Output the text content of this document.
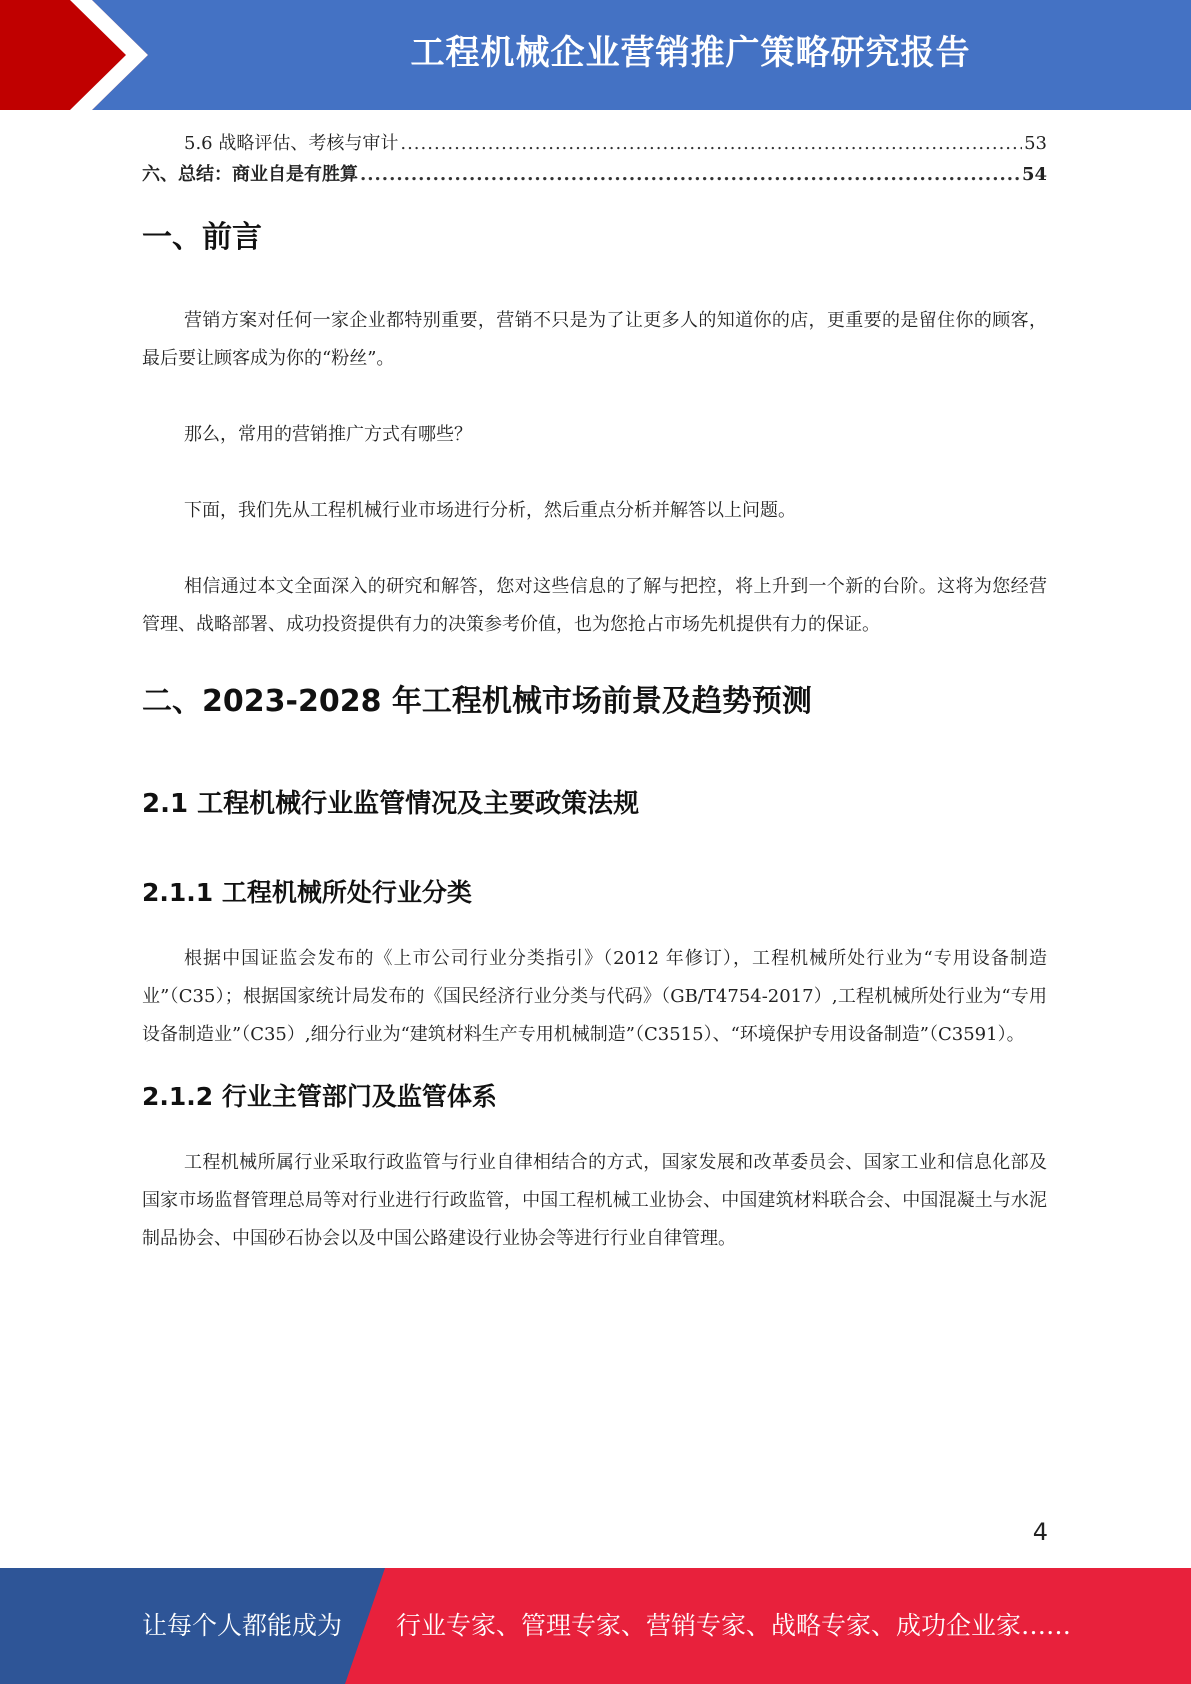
工程机械企业营销推广策略研究报告
5.6 战略评估、考核与审计 .....	53
六、总结：商业自是有胜算 .....	54
一、前言

营销方案对任何一家企业都特别重要，营销不只是为了让更多人的知道你的店，更重要的是留住你的顾客，最后要让顾客成为你的“粉丝”。

那么，常用的营销推广方式有哪些？

下面，我们先从工程机械行业市场进行分析，然后重点分析并解答以上问题。

相信通过本文全面深入的研究和解答，您对这些信息的了解与把控，将上升到一个新的台阶。这将为您经营管理、战略部署、成功投资提供有力的决策参考价值，也为您抢占市场先机提供有力的保证。

二、2023-2028 年工程机械市场前景及趋势预测
2.1 工程机械行业监管情况及主要政策法规
2.1.1 工程机械所处行业分类

根据中国证监会发布的《上市公司行业分类指引》（2012 年修订），工程机械所处行业为“专用设备制造业”（C35）；根据国家统计局发布的《国民经济行业分类与代码》（GB/T4754-2017）,工程机械所处行业为“专用设备制造业”（C35）,细分行业为“建筑材料生产专用机械制造”（C3515）、“环境保护专用设备制造”（C3591）。

2.1.2 行业主管部门及监管体系

工程机械所属行业采取行政监管与行业自律相结合的方式，国家发展和改革委员会、国家工业和信息化部及国家市场监督管理总局等对行业进行行政监管，中国工程机械工业协会、中国建筑材料联合会、中国混凝土与水泥制品协会、中国砂石协会以及中国公路建设行业协会等进行行业自律管理。

4
让每个人都能成为 行业专家、管理专家、营销专家、战略专家、成功企业家……
